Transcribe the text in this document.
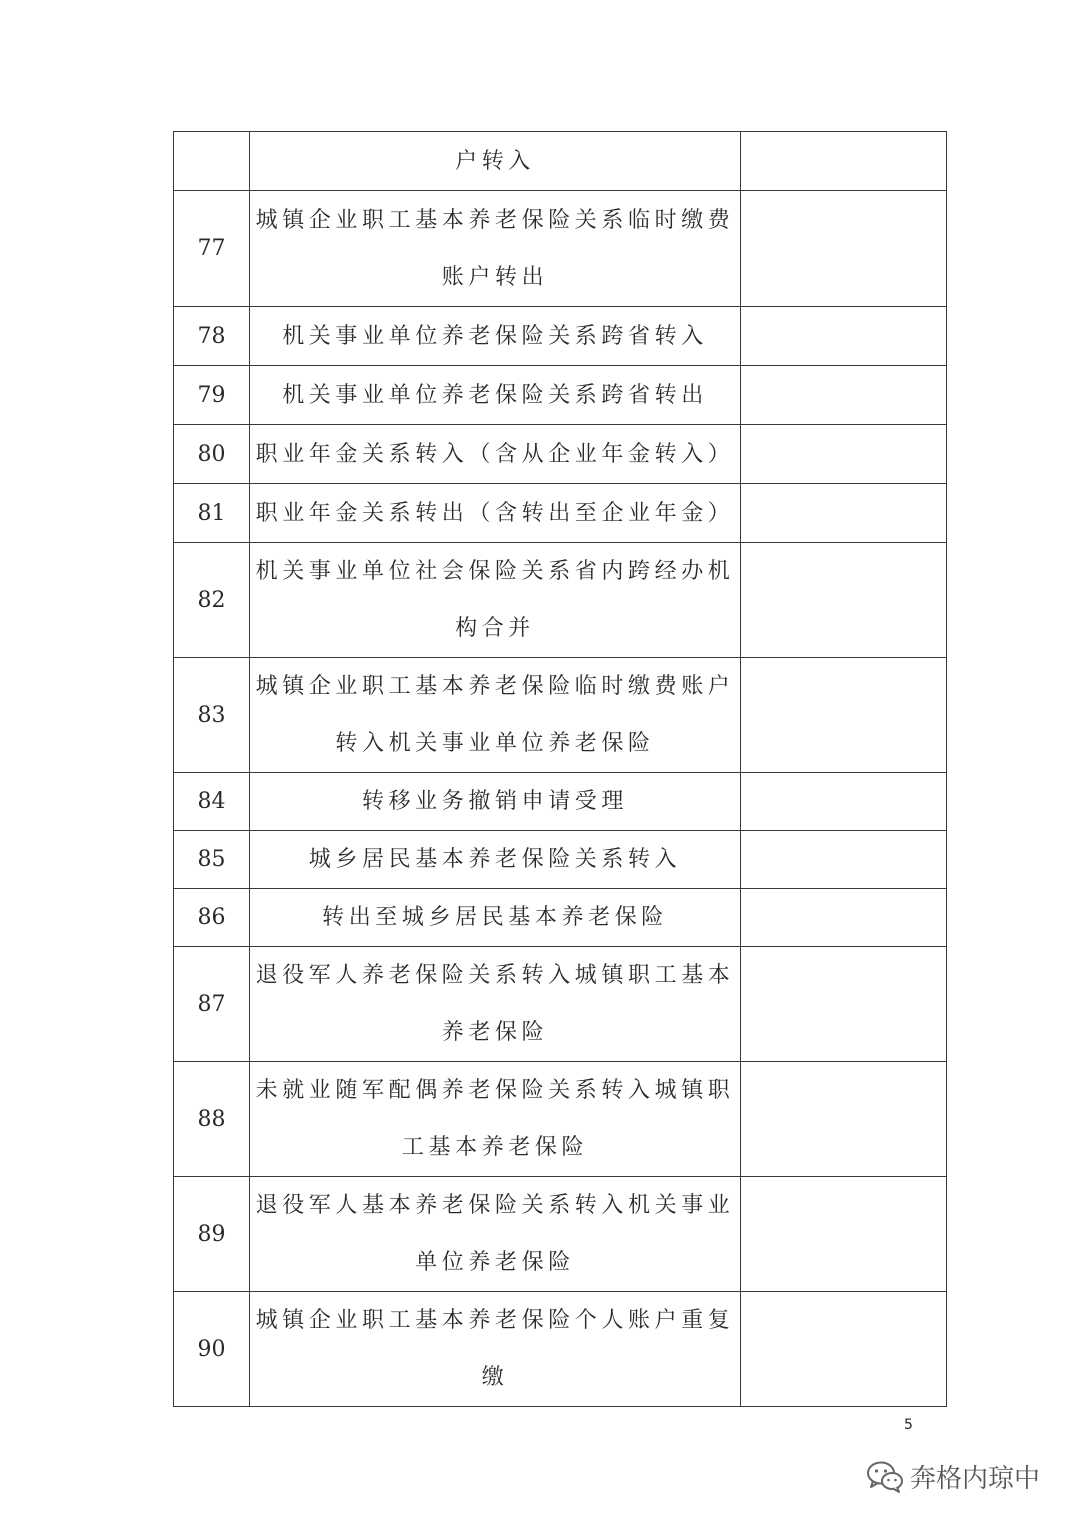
	户转入	
77	城镇企业职工基本养老保险关系临时缴费账户转出	
78	机关事业单位养老保险关系跨省转入	
79	机关事业单位养老保险关系跨省转出	
80	职业年金关系转入（含从企业年金转入）	
81	职业年金关系转出（含转出至企业年金）	
82	机关事业单位社会保险关系省内跨经办机构合并	
83	城镇企业职工基本养老保险临时缴费账户转入机关事业单位养老保险	
84	转移业务撤销申请受理	
85	城乡居民基本养老保险关系转入	
86	转出至城乡居民基本养老保险	
87	退役军人养老保险关系转入城镇职工基本养老保险	
88	未就业随军配偶养老保险关系转入城镇职工基本养老保险	
89	退役军人基本养老保险关系转入机关事业单位养老保险	
90	城镇企业职工基本养老保险个人账户重复缴	
5
奔格内琼中
